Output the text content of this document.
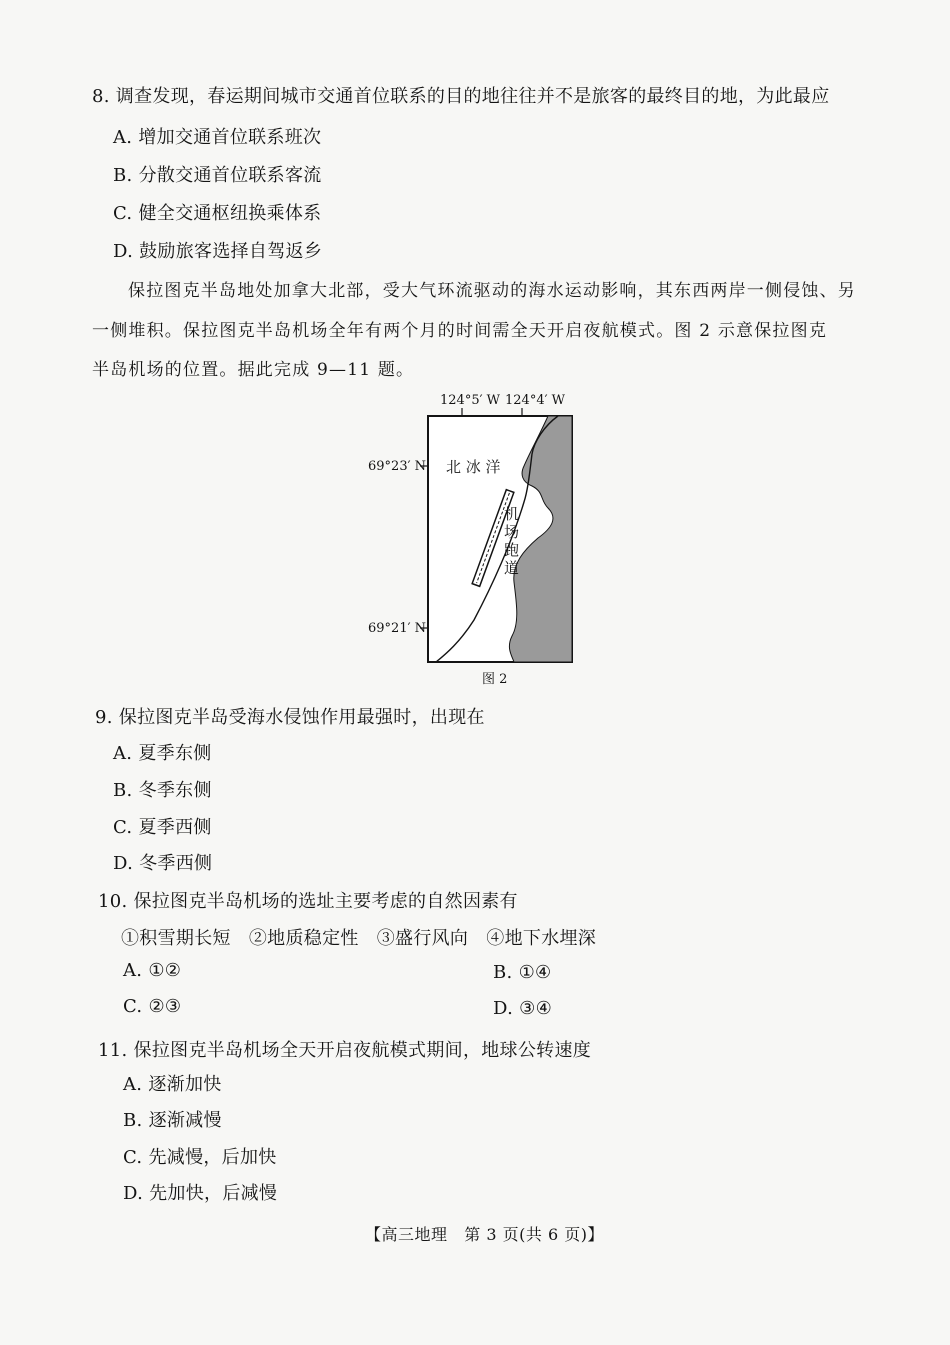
8. 调查发现，春运期间城市交通首位联系的目的地往往并不是旅客的最终目的地，为此最应
A. 增加交通首位联系班次
B. 分散交通首位联系客流
C. 健全交通枢纽换乘体系
D. 鼓励旅客选择自驾返乡
保拉图克半岛地处加拿大北部，受大气环流驱动的海水运动影响，其东西两岸一侧侵蚀、另
一侧堆积。保拉图克半岛机场全年有两个月的时间需全天开启夜航模式。图 2 示意保拉图克
半岛机场的位置。据此完成 9—11 题。
124°5′ W 124°4′ W
69°23′ N
69°21′ N
北 冰 洋
机
场
跑
道
图 2
9. 保拉图克半岛受海水侵蚀作用最强时，出现在
A. 夏季东侧
B. 冬季东侧
C. 夏季西侧
D. 冬季西侧
10. 保拉图克半岛机场的选址主要考虑的自然因素有
①积雪期长短   ②地质稳定性   ③盛行风向   ④地下水埋深
A. ①②	B. ①④
C. ②③	D. ③④
11. 保拉图克半岛机场全天开启夜航模式期间，地球公转速度
A. 逐渐加快
B. 逐渐减慢
C. 先减慢，后加快
D. 先加快，后减慢
【高三地理   第 3 页(共 6 页)】
